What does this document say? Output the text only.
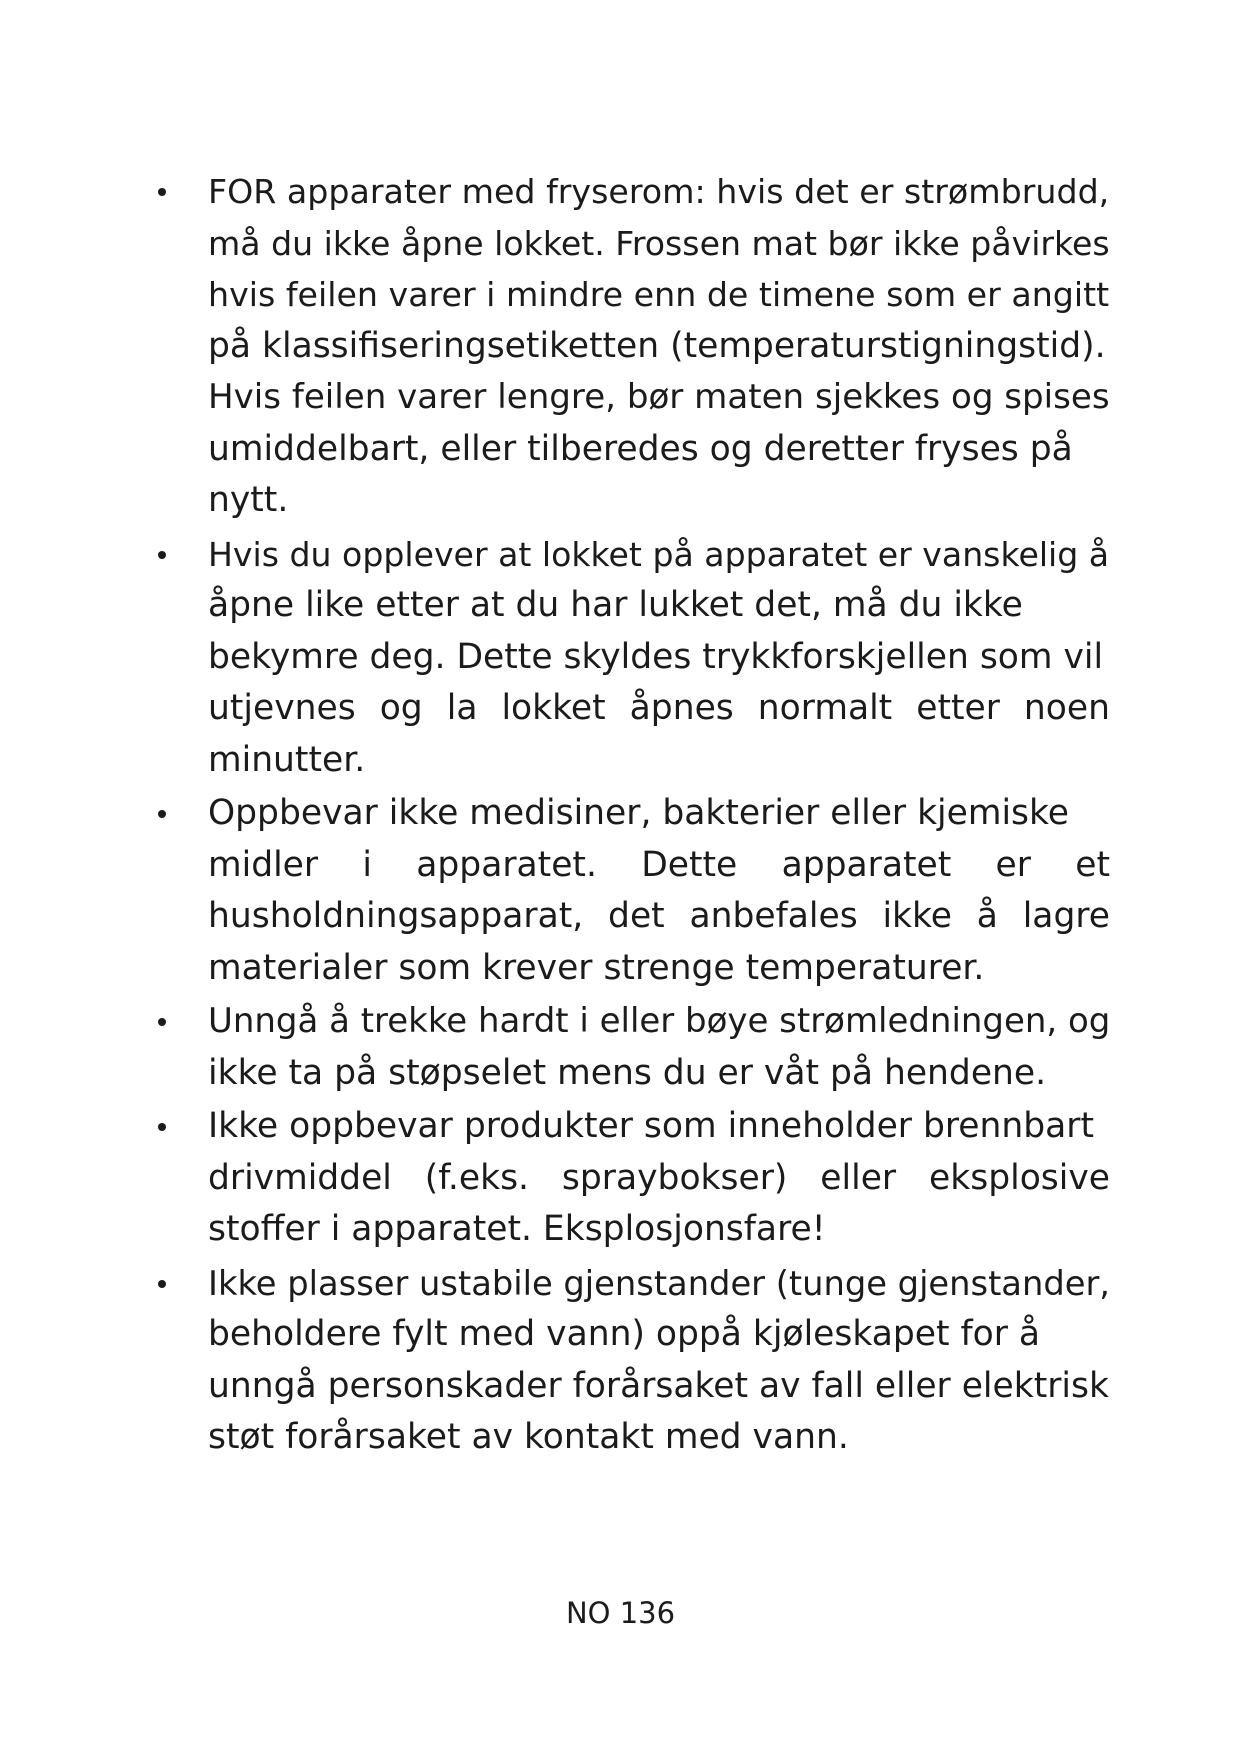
FOR apparater med fryserom: hvis det er strømbrudd,
må du ikke åpne lokket. Frossen mat bør ikke påvirkes
hvis feilen varer i mindre enn de timene som er angitt
på klassifiseringsetiketten (temperaturstigningstid).
Hvis feilen varer lengre, bør maten sjekkes og spises
umiddelbart, eller tilberedes og deretter fryses på
nytt.
Hvis du opplever at lokket på apparatet er vanskelig å
åpne like etter at du har lukket det, må du ikke
bekymre deg. Dette skyldes trykkforskjellen som vil
utjevnes og la lokket åpnes normalt etter noen
minutter.
Oppbevar ikke medisiner, bakterier eller kjemiske
midler i apparatet. Dette apparatet er et
husholdningsapparat, det anbefales ikke å lagre
materialer som krever strenge temperaturer.
Unngå å trekke hardt i eller bøye strømledningen, og
ikke ta på støpselet mens du er våt på hendene.
Ikke oppbevar produkter som inneholder brennbart
drivmiddel (f.eks. spraybokser) eller eksplosive
stoffer i apparatet. Eksplosjonsfare!
Ikke plasser ustabile gjenstander (tunge gjenstander,
beholdere fylt med vann) oppå kjøleskapet for å
unngå personskader forårsaket av fall eller elektrisk
støt forårsaket av kontakt med vann.
NO 136
